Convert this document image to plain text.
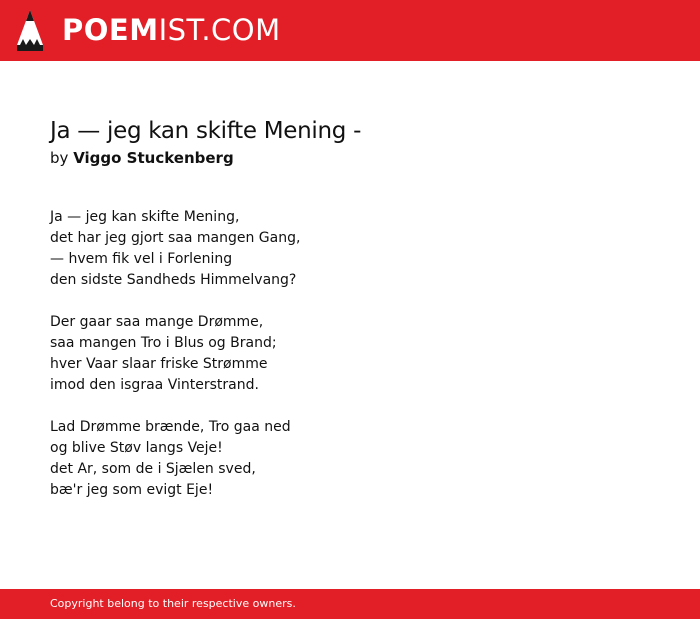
POEMIST.COM
Ja — jeg kan skifte Mening -
by Viggo Stuckenberg
Ja — jeg kan skifte Mening,
det har jeg gjort saa mangen Gang,
— hvem fik vel i Forlening
den sidste Sandheds Himmelvang?
Der gaar saa mange Drømme,
saa mangen Tro i Blus og Brand;
hver Vaar slaar friske Strømme
imod den isgraa Vinterstrand.
Lad Drømme brænde, Tro gaa ned
og blive Støv langs Veje!
det Ar, som de i Sjælen sved,
bæ'r jeg som evigt Eje!
Copyright belong to their respective owners.
